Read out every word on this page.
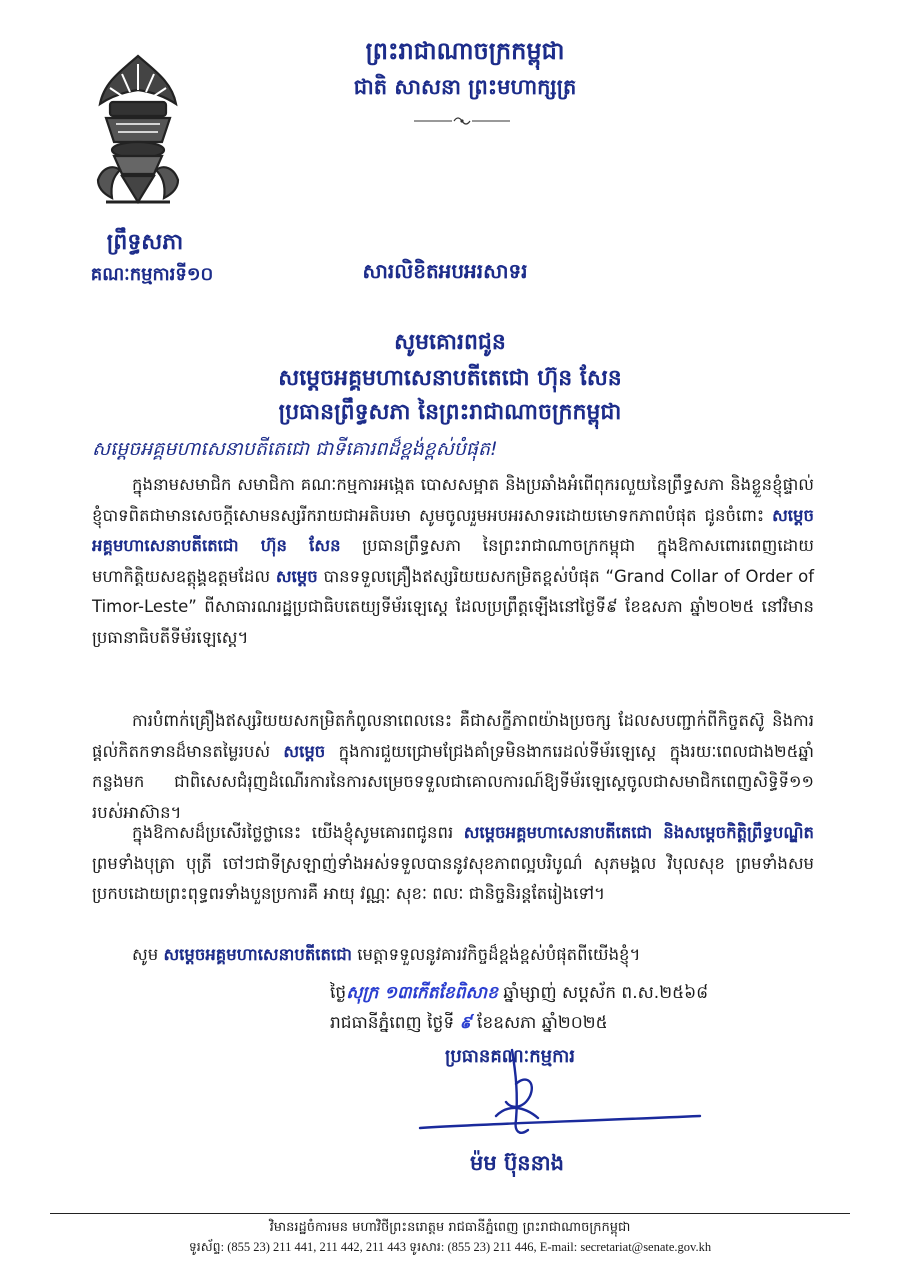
ព្រះរាជាណាចក្រកម្ពុជា
ជាតិ សាសនា ព្រះមហាក្សត្រ
ព្រឹទ្ធសភា
គណៈកម្មការទី១០	សារលិខិតអបអរសាទរ
សូមគោរពជូន
សម្តេចអគ្គមហាសេនាបតីតេជោ ហ៊ុន សែន
ប្រធានព្រឹទ្ធសភា នៃព្រះរាជាណាចក្រកម្ពុជា
សម្តេចអគ្គមហាសេនាបតីតេជោ ជាទីគោរពដ៏ខ្ពង់ខ្ពស់បំផុត!

ក្នុងនាមសមាជិក សមាជិកា គណៈកម្មការអង្កេត បោសសម្អាត និងប្រឆាំងអំពើពុករលួយនៃព្រឹទ្ធសភា និងខ្លួនខ្ញុំផ្ទាល់ ខ្ញុំបាទពិតជាមានសេចក្តីសោមនស្សរីករាយជាអតិបរមា សូមចូលរួមអបអរសាទរដោយមោទកភាពបំផុត ជូនចំពោះ សម្តេចអគ្គមហាសេនាបតីតេជោ ហ៊ុន សែន ប្រធានព្រឹទ្ធសភា នៃព្រះរាជាណាចក្រកម្ពុជា ក្នុងឱកាសពោរពេញដោយមហាកិត្តិយសឧត្តុង្គឧត្តមដែល សម្តេច បានទទួលគ្រឿងឥស្សរិយយសកម្រិតខ្ពស់បំផុត “Grand Collar of Order of Timor-Leste” ពីសាធារណរដ្ឋប្រជាធិបតេយ្យទីម័រឡេស្តេ ដែលប្រព្រឹត្តឡើងនៅថ្ងៃទី៩ ខែឧសភា ឆ្នាំ២០២៥ នៅវិមានប្រធានាធិបតីទីម័រឡេស្តេ។

ការបំពាក់គ្រឿងឥស្សរិយយសកម្រិតកំពូលនាពេលនេះ គឺជាសក្ខីភាពយ៉ាងប្រចក្ស ដែលសបញ្ជាក់ពីកិច្ចតស៊ូ និងការផ្តល់កិតកទានដ៏មានតម្លៃរបស់ សម្តេច ក្នុងការជួយជ្រោមជ្រែងគាំទ្រមិនងាករេដល់ទីម័រឡេស្តេ ក្នុងរយៈពេលជាង២៥ឆ្នាំកន្លងមក ជាពិសេសជំរុញដំណើរការនៃការសម្រេចទទួលជាគោលការណ៍ឱ្យទីម័រឡេស្តេចូលជាសមាជិកពេញសិទ្ធិទី១១ របស់អាស៊ាន។

ក្នុងឱកាសដ៏ប្រសើរថ្លៃថ្លានេះ យើងខ្ញុំសូមគោរពជូនពរ សម្តេចអគ្គមហាសេនាបតីតេជោ និងសម្តេចកិត្តិព្រឹទ្ធបណ្ឌិត ព្រមទាំងបុត្រា បុត្រី ចៅៗជាទីស្រឡាញ់ទាំងអស់ទទួលបាននូវសុខភាពល្អបរិបូណ៌ សុភមង្គល វិបុលសុខ ព្រមទាំងសមប្រកបដោយព្រះពុទ្ធពរទាំងបួនប្រការគឺ អាយុ វណ្ណៈ សុខៈ ពលៈ ជានិច្ចនិរន្តតែរៀងទៅ។

សូម សម្តេចអគ្គមហាសេនាបតីតេជោ មេត្តាទទួលនូវគារវកិច្ចដ៏ខ្ពង់ខ្ពស់បំផុតពីយើងខ្ញុំ។

ថ្ងៃសុក្រ ១៣កើតខែពិសាខ ឆ្នាំម្សាញ់ សប្តស័ក ព.ស.២៥៦៨
រាជធានីភ្នំពេញ ថ្ងៃទី ៩ ខែឧសភា ឆ្នាំ២០២៥
ប្រធានគណៈកម្មការ
ម៉ម ប៊ុននាង
វិមានរដ្ឋចំការមន មហាវិថីព្រះនរោត្តម រាជធានីភ្នំពេញ ព្រះរាជាណាចក្រកម្ពុជា
ទូរស័ព្ទ: (855 23) 211 441, 211 442, 211 443 ទូរសារ: (855 23) 211 446, E-mail: secretariat@senate.gov.kh
